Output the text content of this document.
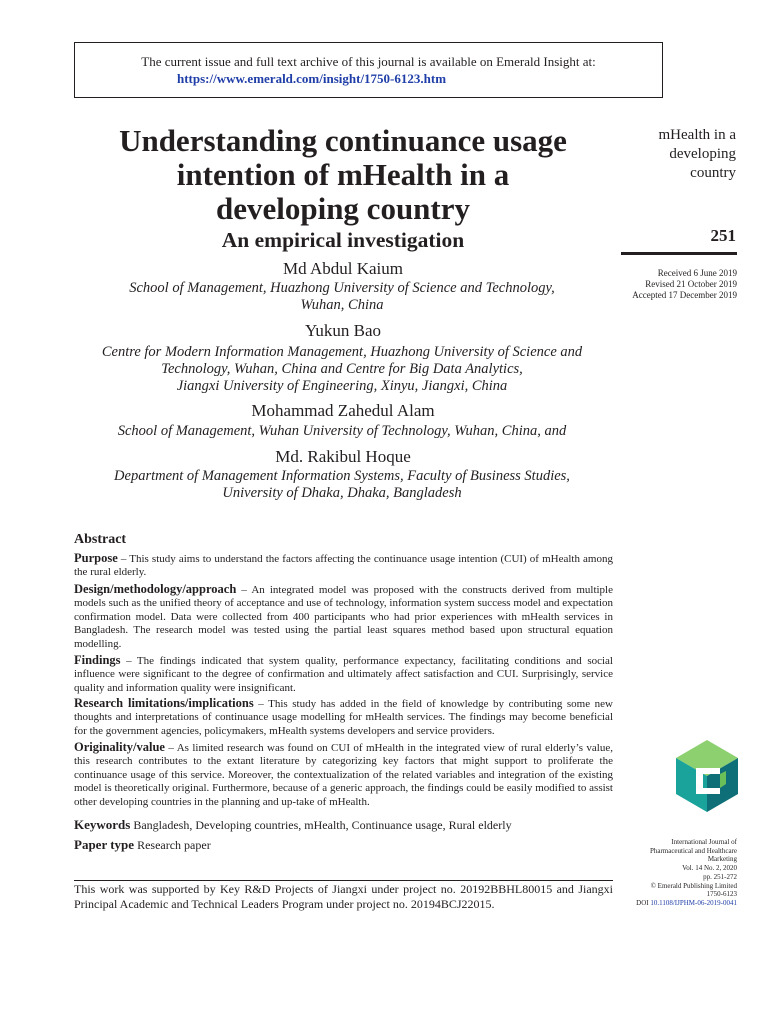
The current issue and full text archive of this journal is available on Emerald Insight at:
https://www.emerald.com/insight/1750-6123.htm
Understanding continuance usage
intention of mHealth in a
developing country
An empirical investigation
Md Abdul Kaium
School of Management, Huazhong University of Science and Technology,
Wuhan, China
Yukun Bao
Centre for Modern Information Management, Huazhong University of Science and
Technology, Wuhan, China and Centre for Big Data Analytics,
Jiangxi University of Engineering, Xinyu, Jiangxi, China
Mohammad Zahedul Alam
School of Management, Wuhan University of Technology, Wuhan, China, and
Md. Rakibul Hoque
Department of Management Information Systems, Faculty of Business Studies,
University of Dhaka, Dhaka, Bangladesh
mHealth in a
developing
country
251
Received 6 June 2019
Revised 21 October 2019
Accepted 17 December 2019
Abstract
Purpose – This study aims to understand the factors affecting the continuance usage intention (CUI) of mHealth among the rural elderly.
Design/methodology/approach – An integrated model was proposed with the constructs derived from multiple models such as the unified theory of acceptance and use of technology, information system success model and expectation confirmation model. Data were collected from 400 participants who had prior experiences with mHealth services in Bangladesh. The research model was tested using the partial least squares method based upon structural equation modelling.
Findings – The findings indicated that system quality, performance expectancy, facilitating conditions and social influence were significant to the degree of confirmation and ultimately affect satisfaction and CUI. Surprisingly, service quality and information quality were insignificant.
Research limitations/implications – This study has added in the field of knowledge by contributing some new thoughts and interpretations of continuance usage modelling for mHealth services. The findings may become beneficial for the government agencies, policymakers, mHealth systems developers and service providers.
Originality/value – As limited research was found on CUI of mHealth in the integrated view of rural elderly’s value, this research contributes to the extant literature by categorizing key factors that might support to proliferate the continuance usage of this service. Moreover, the contextualization of the related variables and integration of the existing model is theoretically original. Furthermore, because of a generic approach, the findings could be easily modified to assist other developing countries in the planning and up-take of mHealth.
Keywords Bangladesh, Developing countries, mHealth, Continuance usage, Rural elderly
Paper type Research paper
This work was supported by Key R&D Projects of Jiangxi under project no. 20192BBHL80015 and Jiangxi Principal Academic and Technical Leaders Program under project no. 20194BCJ22015.
International Journal of
Pharmaceutical and Healthcare
Marketing
Vol. 14 No. 2, 2020
pp. 251-272
© Emerald Publishing Limited
1750-6123
DOI 10.1108/IJPHM-06-2019-0041
